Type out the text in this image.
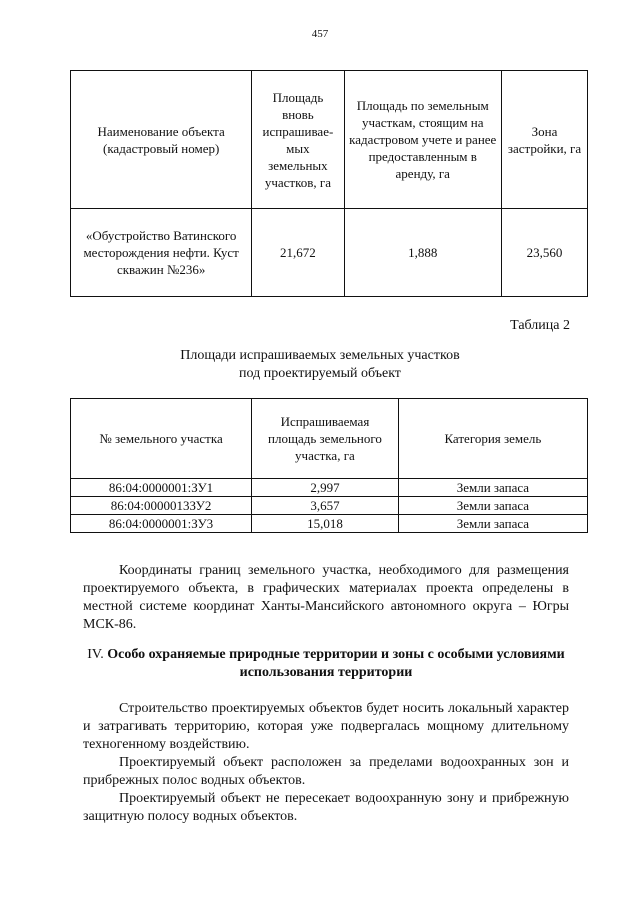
457
Наименование объекта (кадастровый номер)	Площадь вновь испрашивае-мых земельных участков, га	Площадь по земельным участкам, стоящим на кадастровом учете и ранее предоставленным в аренду, га	Зона застройки, га
«Обустройство Ватинского месторождения нефти. Куст скважин №236»	21,672	1,888	23,560
Таблица 2
Площади испрашиваемых земельных участков
под проектируемый объект
№ земельного участка	Испрашиваемая площадь земельного участка, га	Категория земель
86:04:0000001:ЗУ1	2,997	Земли запаса
86:04:0000013ЗУ2	3,657	Земли запаса
86:04:0000001:ЗУ3	15,018	Земли запаса
Координаты границ земельного участка, необходимого для размещения проектируемого объекта, в графических материалах проекта определены в местной системе координат Ханты-Мансийского автономного округа – Югры МСК-86.
IV. Особо охраняемые природные территории и зоны с особыми условиями использования территории
Строительство проектируемых объектов будет носить локальный характер и затрагивать территорию, которая уже подвергалась мощному длительному техногенному воздействию.
Проектируемый объект расположен за пределами водоохранных зон и прибрежных полос водных объектов.
Проектируемый объект не пересекает водоохранную зону и прибрежную защитную полосу водных объектов.
